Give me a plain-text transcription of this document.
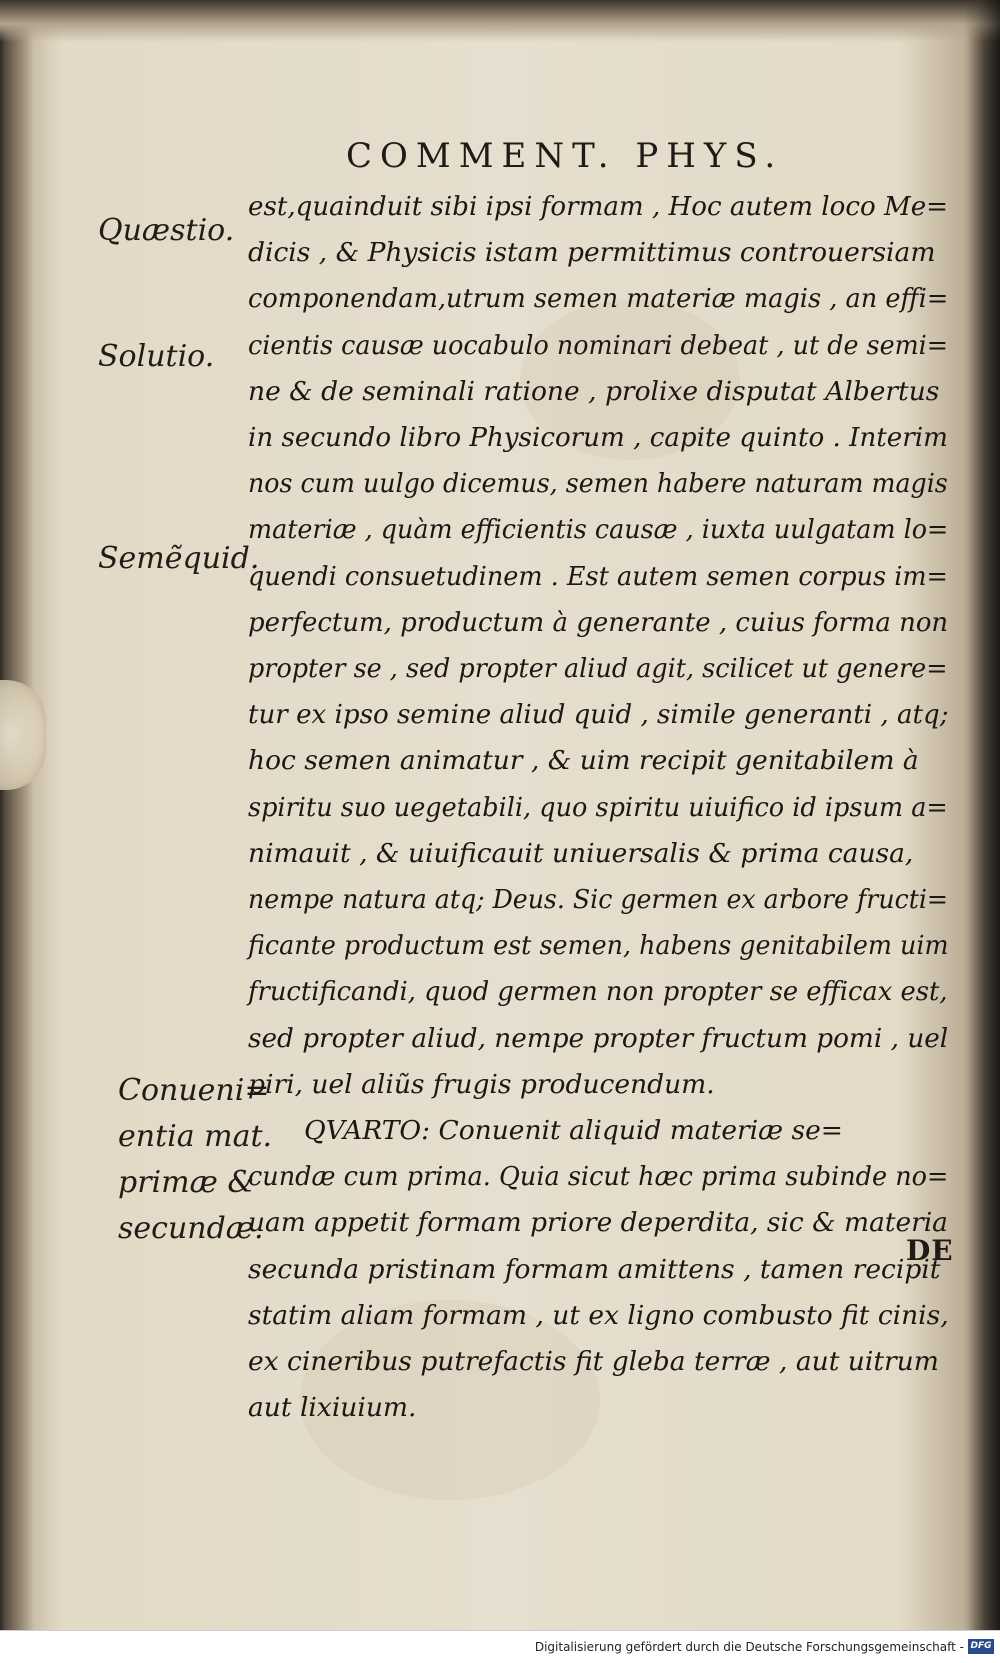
COMMENT. PHYS.
Quæstio.
Solutio.
Semẽquid.
Conueni=
entia mat.
primæ &
secundæ.
est,quainduit sibi ipsi formam , Hoc autem loco Me=
dicis , & Physicis istam permittimus controuersiam
componendam,utrum semen materiæ magis , an effi=
cientis causæ uocabulo nominari debeat , ut de semi=
ne & de seminali ratione , prolixe disputat Albertus
in secundo libro Physicorum , capite quinto . Interim
nos cum uulgo dicemus, semen habere naturam magis
materiæ , quàm efficientis causæ , iuxta uulgatam lo=
quendi consuetudinem . Est autem semen corpus im=
perfectum, productum à generante , cuius forma non
propter se , sed propter aliud agit, scilicet ut genere=
tur ex ipso semine aliud quid , simile generanti , atq;
hoc semen animatur , & uim recipit genitabilem à
spiritu suo uegetabili, quo spiritu uiuifico id ipsum a=
nimauit , & uiuificauit uniuersalis & prima causa,
nempe natura atq; Deus. Sic germen ex arbore fructi=
ficante productum est semen, habens genitabilem uim
fructificandi, quod germen non propter se efficax est,
sed propter aliud, nempe propter fructum pomi , uel
piri, uel aliũs frugis producendum.
QVARTO: Conuenit aliquid materiæ se=
cundæ cum prima. Quia sicut hæc prima subinde no=
uam appetit formam priore deperdita, sic & materia
secunda pristinam formam amittens , tamen recipit
statim aliam formam , ut ex ligno combusto fit cinis,
ex cineribus putrefactis fit gleba terræ , aut uitrum
aut lixiuium.
DE
Digitalisierung gefördert durch die Deutsche Forschungsgemeinschaft - DFG
